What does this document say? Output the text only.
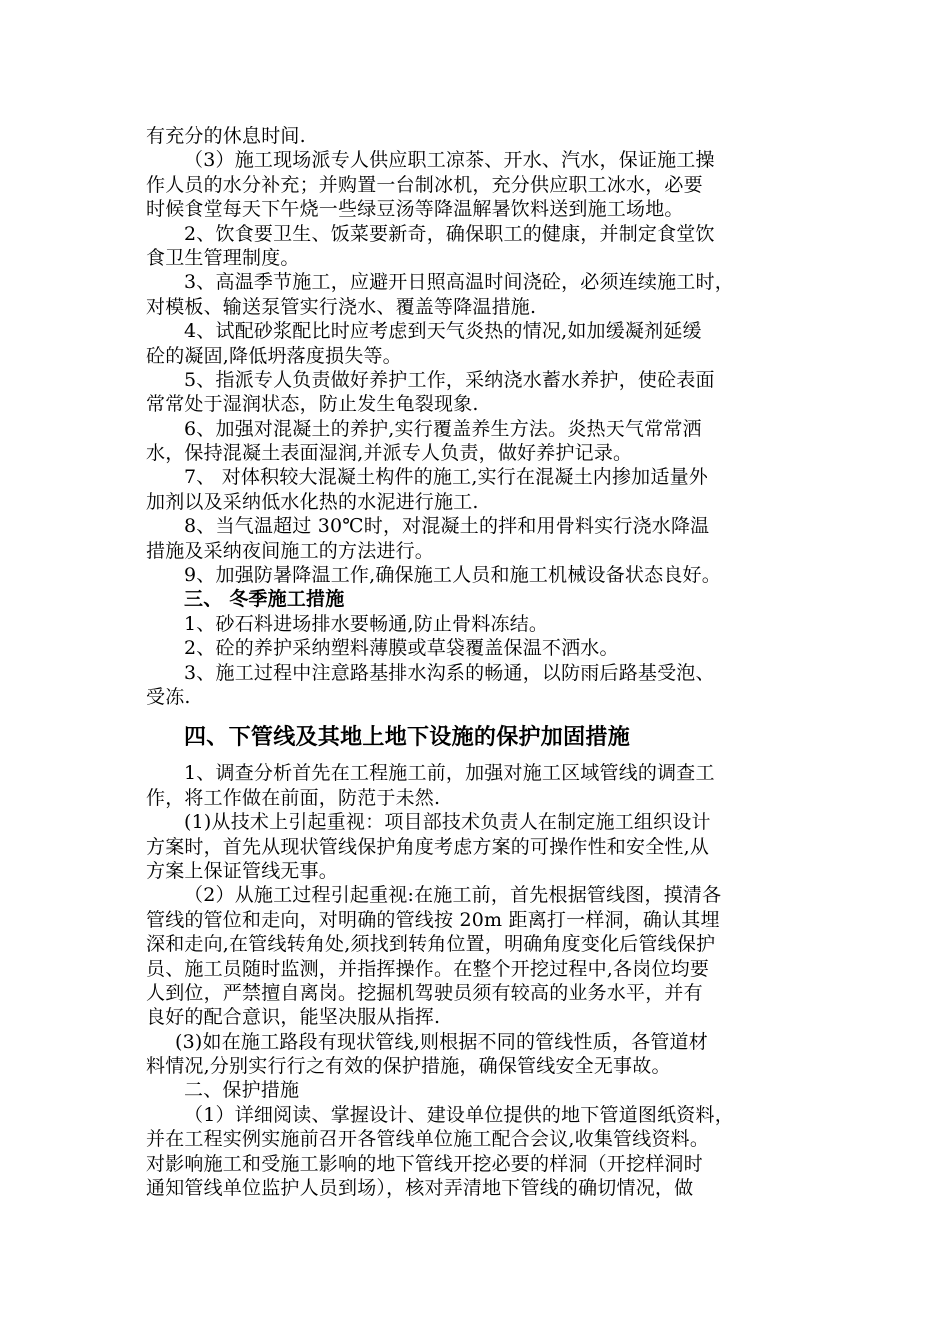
有充分的休息时间.
（3）施工现场派专人供应职工凉茶、开水、汽水，保证施工操
作人员的水分补充；并购置一台制冰机，充分供应职工冰水，必要
时候食堂每天下午烧一些绿豆汤等降温解暑饮料送到施工场地。
2、饮食要卫生、饭菜要新奇，确保职工的健康，并制定食堂饮
食卫生管理制度。
3、高温季节施工，应避开日照高温时间浇砼，必须连续施工时，
对模板、输送泵管实行浇水、覆盖等降温措施.
4、试配砂浆配比时应考虑到天气炎热的情况,如加缓凝剂延缓
砼的凝固,降低坍落度损失等。
5、指派专人负责做好养护工作，采纳浇水蓄水养护，使砼表面
常常处于湿润状态，防止发生龟裂现象.
6、加强对混凝土的养护,实行覆盖养生方法。炎热天气常常洒
水，保持混凝土表面湿润,并派专人负责，做好养护记录。
7、 对体积较大混凝土构件的施工,实行在混凝土内掺加适量外
加剂以及采纳低水化热的水泥进行施工.
8、当气温超过 30℃时，对混凝土的拌和用骨料实行浇水降温
措施及采纳夜间施工的方法进行。
9、加强防暑降温工作,确保施工人员和施工机械设备状态良好。
三、 冬季施工措施
1、砂石料进场排水要畅通,防止骨料冻结。
2、砼的养护采纳塑料薄膜或草袋覆盖保温不洒水。
3、施工过程中注意路基排水沟系的畅通，以防雨后路基受泡、
受冻.
四、下管线及其地上地下设施的保护加固措施
1、调查分析首先在工程施工前，加强对施工区域管线的调查工
作，将工作做在前面，防范于未然.
(1)从技术上引起重视：项目部技术负责人在制定施工组织设计
方案时，首先从现状管线保护角度考虑方案的可操作性和安全性,从
方案上保证管线无事。
（2）从施工过程引起重视:在施工前，首先根据管线图，摸清各
管线的管位和走向，对明确的管线按 20m 距离打一样洞，确认其埋
深和走向,在管线转角处,须找到转角位置，明确角度变化后管线保护
员、施工员随时监测，并指挥操作。在整个开挖过程中,各岗位均要
人到位，严禁擅自离岗。挖掘机驾驶员须有较高的业务水平，并有
良好的配合意识，能坚决服从指挥.
(3)如在施工路段有现状管线,则根据不同的管线性质，各管道材
料情况,分别实行行之有效的保护措施，确保管线安全无事故。
二、保护措施
（1）详细阅读、掌握设计、建设单位提供的地下管道图纸资料，
并在工程实例实施前召开各管线单位施工配合会议,收集管线资料。
对影响施工和受施工影响的地下管线开挖必要的样洞（开挖样洞时
通知管线单位监护人员到场），核对弄清地下管线的确切情况，做
